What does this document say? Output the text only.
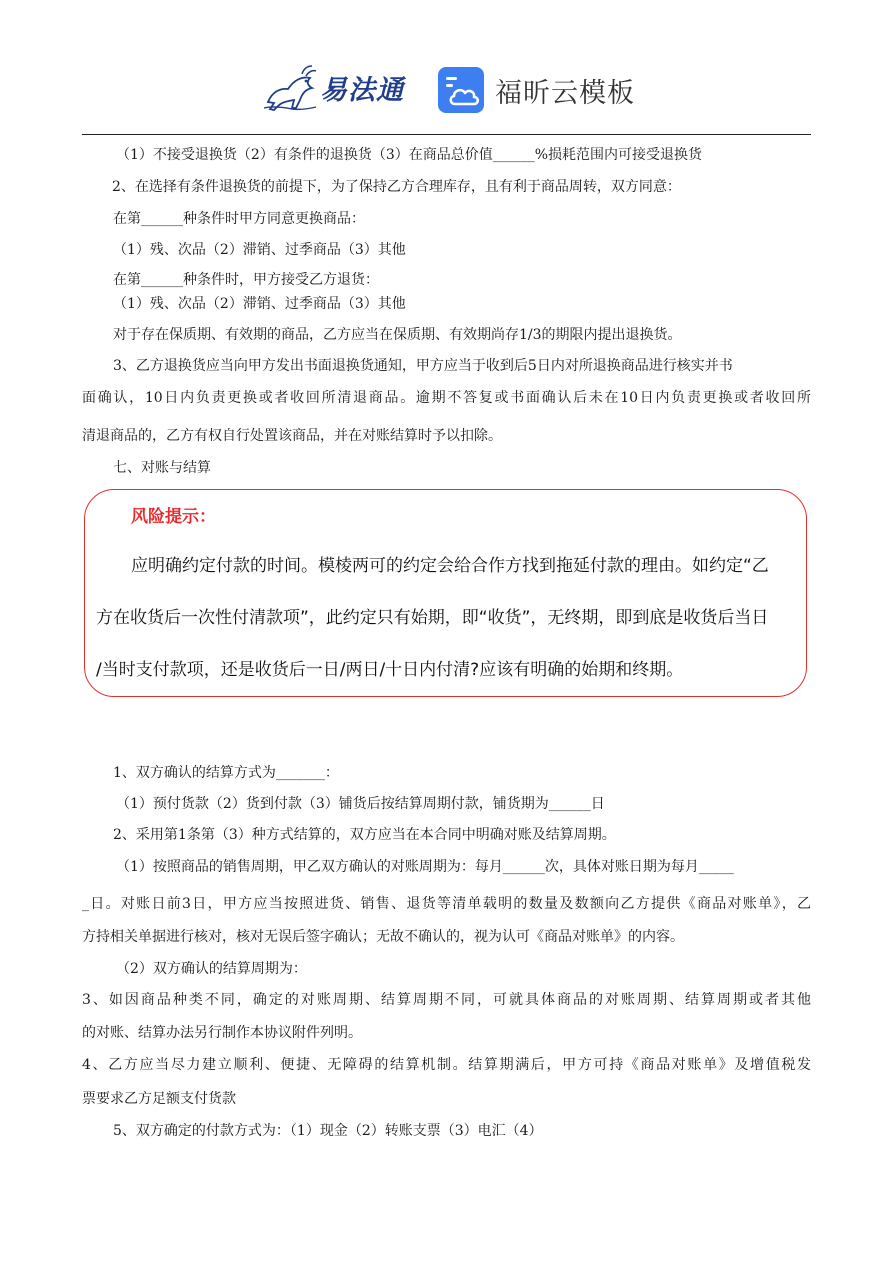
易法通	福昕云模板
（1）不接受退换货（2）有条件的退换货（3）在商品总价值______%损耗范围内可接受退换货
2、在选择有条件退换货的前提下，为了保持乙方合理库存，且有利于商品周转，双方同意：
在第______种条件时甲方同意更换商品：
（1）残、次品（2）滞销、过季商品（3）其他
在第______种条件时，甲方接受乙方退货：
（1）残、次品（2）滞销、过季商品（3）其他
对于存在保质期、有效期的商品，乙方应当在保质期、有效期尚存1/3的期限内提出退换货。
3、乙方退换货应当向甲方发出书面退换货通知，甲方应当于收到后5日内对所退换商品进行核实并书
面确认，10日内负责更换或者收回所清退商品。逾期不答复或书面确认后未在10日内负责更换或者收回所
清退商品的，乙方有权自行处置该商品，并在对账结算时予以扣除。
七、对账与结算
风险提示：
应明确约定付款的时间。模棱两可的约定会给合作方找到拖延付款的理由。如约定“乙
方在收货后一次性付清款项”，此约定只有始期，即“收货”，无终期，即到底是收货后当日
/当时支付款项，还是收货后一日/两日/十日内付清?应该有明确的始期和终期。
1、双方确认的结算方式为_______：
（1）预付货款（2）货到付款（3）铺货后按结算周期付款，铺货期为______日
2、采用第1条第（3）种方式结算的，双方应当在本合同中明确对账及结算周期。
（1）按照商品的销售周期，甲乙双方确认的对账周期为：每月______次，具体对账日期为每月_____
_日。对账日前3日，甲方应当按照进货、销售、退货等清单载明的数量及数额向乙方提供《商品对账单》，乙
方持相关单据进行核对，核对无误后签字确认；无故不确认的，视为认可《商品对账单》的内容。
（2）双方确认的结算周期为：
3、如因商品种类不同，确定的对账周期、结算周期不同，可就具体商品的对账周期、结算周期或者其他
的对账、结算办法另行制作本协议附件列明。
4、乙方应当尽力建立顺利、便捷、无障碍的结算机制。结算期满后，甲方可持《商品对账单》及增值税发
票要求乙方足额支付货款
5、双方确定的付款方式为：（1）现金（2）转账支票（3）电汇（4）
